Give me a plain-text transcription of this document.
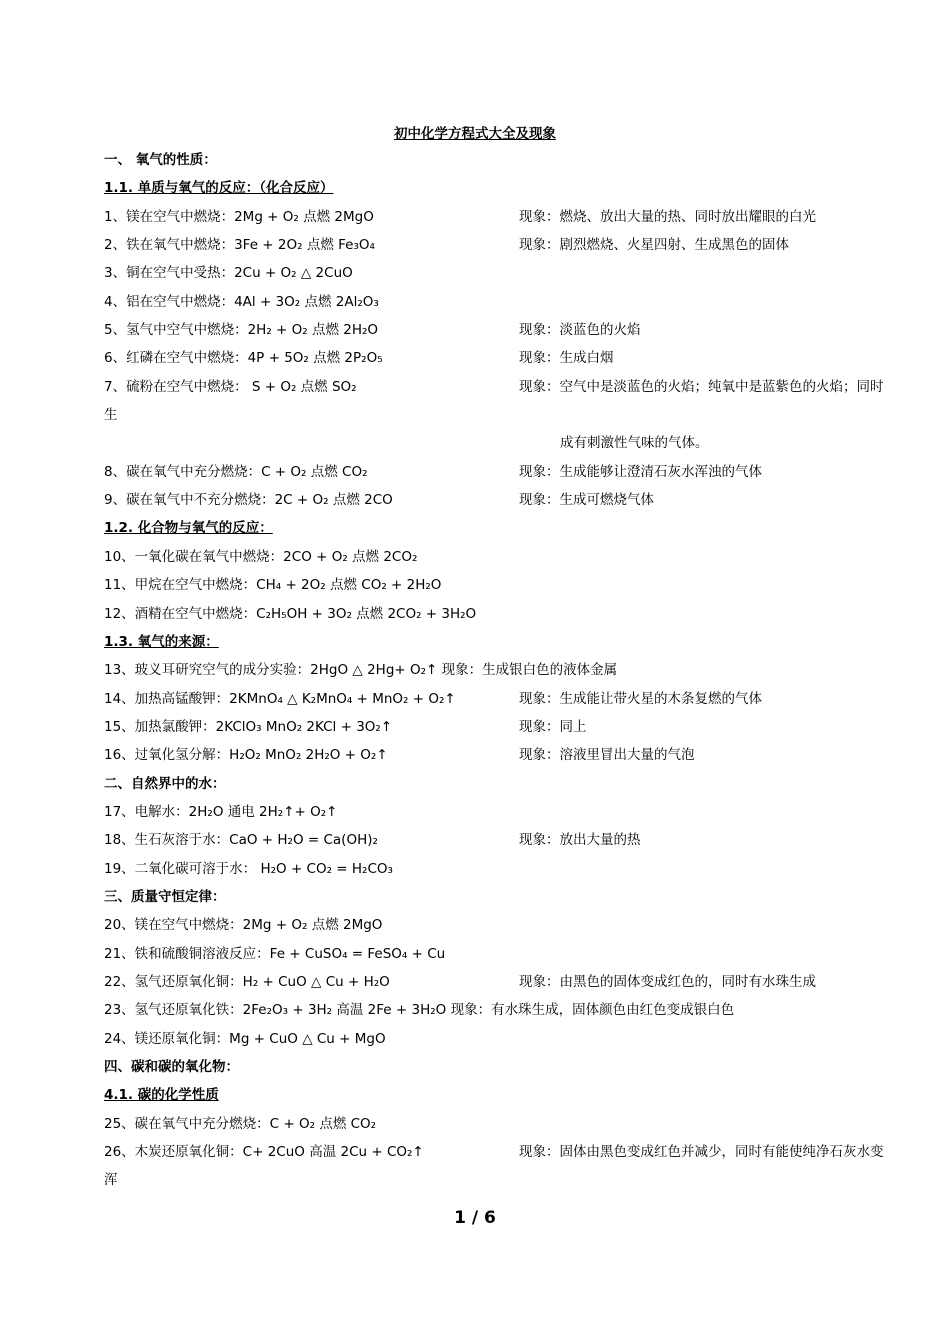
初中化学方程式大全及现象
一、 氧气的性质：
1.1. 单质与氧气的反应：（化合反应）
1、镁在空气中燃烧：2Mg + O₂ 点燃 2MgO	现象：燃烧、放出大量的热、同时放出耀眼的白光
2、铁在氧气中燃烧：3Fe + 2O₂ 点燃 Fe₃O₄	现象：剧烈燃烧、火星四射、生成黑色的固体
3、铜在空气中受热：2Cu + O₂ △ 2CuO
4、铝在空气中燃烧：4Al + 3O₂ 点燃 2Al₂O₃
5、氢气中空气中燃烧：2H₂ + O₂ 点燃 2H₂O	现象：淡蓝色的火焰
6、红磷在空气中燃烧：4P + 5O₂ 点燃 2P₂O₅	现象：生成白烟
7、硫粉在空气中燃烧： S + O₂ 点燃 SO₂	现象：空气中是淡蓝色的火焰；纯氧中是蓝紫色的火焰；同时
生
成有刺激性气味的气体。
8、碳在氧气中充分燃烧：C + O₂ 点燃 CO₂	现象：生成能够让澄清石灰水浑浊的气体
9、碳在氧气中不充分燃烧：2C + O₂ 点燃 2CO	现象：生成可燃烧气体
1.2. 化合物与氧气的反应：
10、一氧化碳在氧气中燃烧：2CO + O₂ 点燃 2CO₂
11、甲烷在空气中燃烧：CH₄ + 2O₂ 点燃 CO₂ + 2H₂O
12、酒精在空气中燃烧：C₂H₅OH + 3O₂ 点燃 2CO₂ + 3H₂O
1.3. 氧气的来源：
13、玻义耳研究空气的成分实验：2HgO △ 2Hg+ O₂↑ 现象：生成银白色的液体金属
14、加热高锰酸钾：2KMnO₄ △ K₂MnO₄ + MnO₂ + O₂↑	现象：生成能让带火星的木条复燃的气体
15、加热氯酸钾：2KClO₃ MnO₂ 2KCl + 3O₂↑	现象：同上
16、过氧化氢分解：H₂O₂ MnO₂ 2H₂O + O₂↑	现象：溶液里冒出大量的气泡
二、自然界中的水：
17、电解水：2H₂O 通电 2H₂↑+ O₂↑
18、生石灰溶于水：CaO + H₂O = Ca(OH)₂	现象：放出大量的热
19、二氧化碳可溶于水： H₂O + CO₂ = H₂CO₃
三、质量守恒定律：
20、镁在空气中燃烧：2Mg + O₂ 点燃 2MgO
21、铁和硫酸铜溶液反应：Fe + CuSO₄ = FeSO₄ + Cu
22、氢气还原氧化铜：H₂ + CuO △ Cu + H₂O	现象：由黑色的固体变成红色的，同时有水珠生成
23、氢气还原氧化铁：2Fe₂O₃ + 3H₂ 高温 2Fe + 3H₂O 现象：有水珠生成，固体颜色由红色变成银白色
24、镁还原氧化铜：Mg + CuO △ Cu + MgO
四、碳和碳的氧化物：
4.1. 碳的化学性质
25、碳在氧气中充分燃烧：C + O₂ 点燃 CO₂
26、木炭还原氧化铜：C+ 2CuO 高温 2Cu + CO₂↑	现象：固体由黑色变成红色并减少，同时有能使纯净石灰水变
浑
1 / 6
